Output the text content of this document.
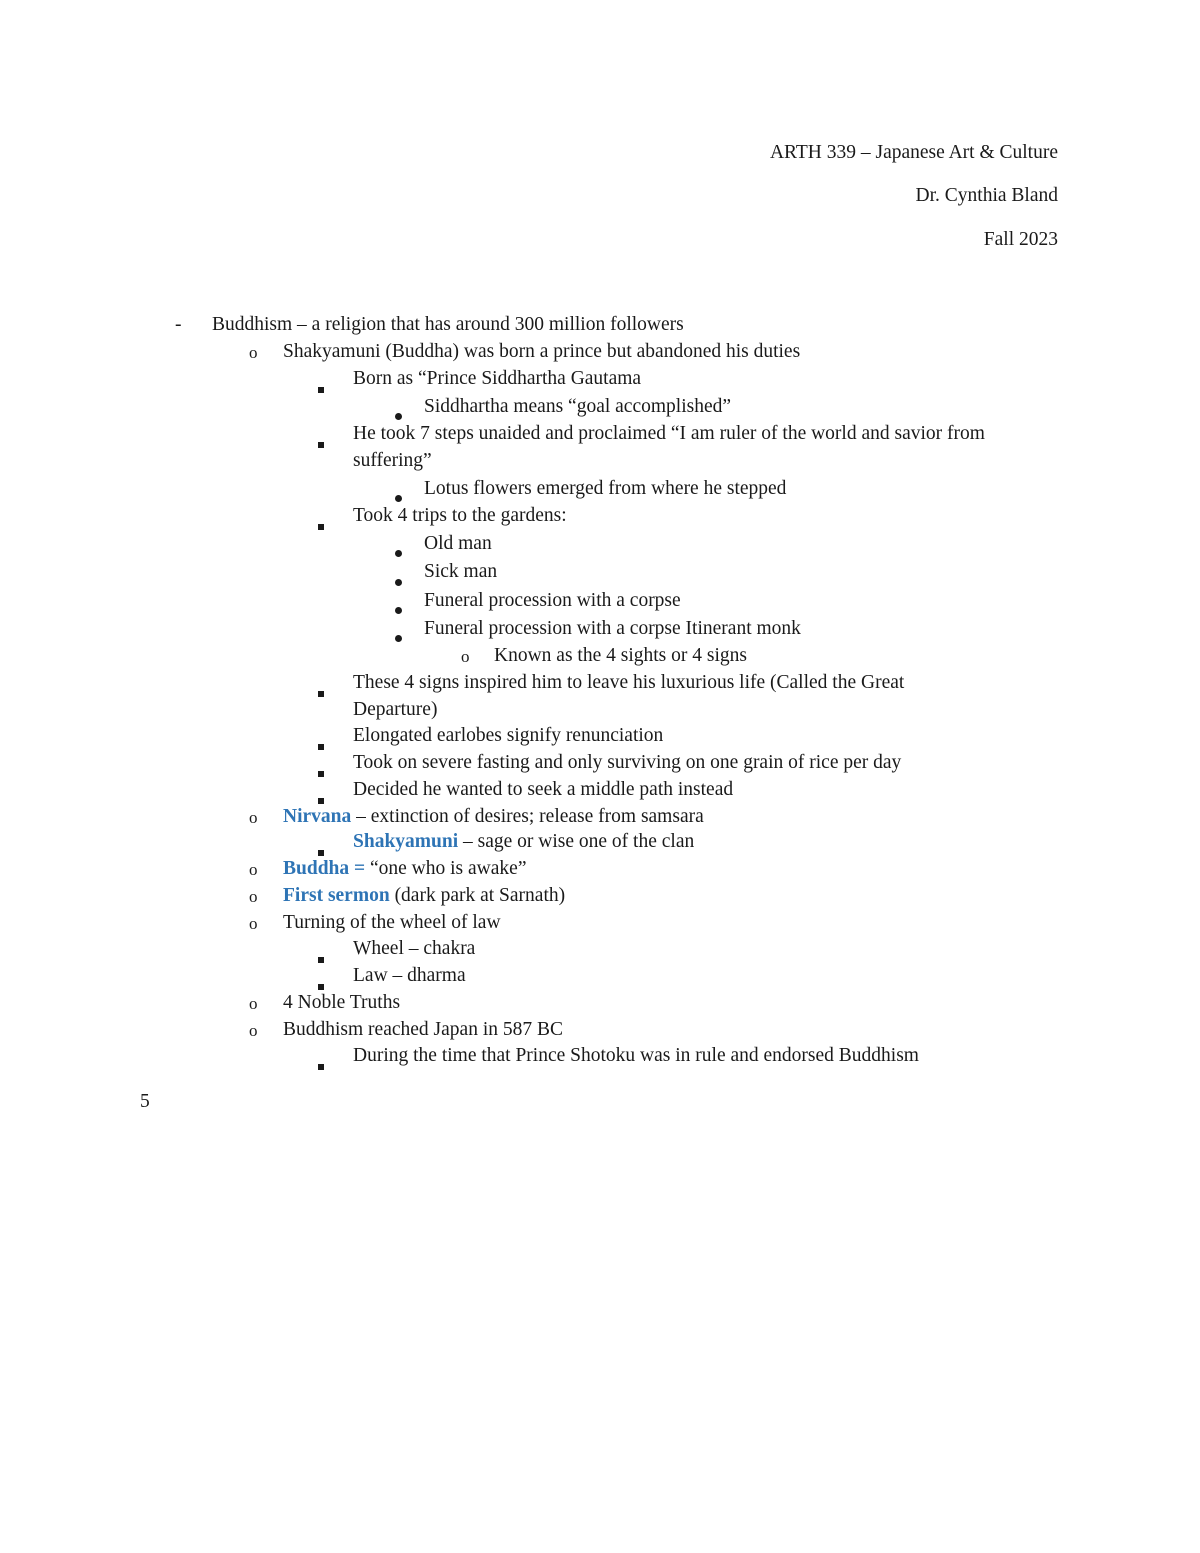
ARTH 339 – Japanese Art & Culture
Dr. Cynthia Bland
Fall 2023
- Buddhism – a religion that has around 300 million followers
o Shakyamuni (Buddha) was born a prince but abandoned his duties
Born as “Prince Siddhartha Gautama
Siddhartha means “goal accomplished”
He took 7 steps unaided and proclaimed “I am ruler of the world and savior from
suffering”
Lotus flowers emerged from where he stepped
Took 4 trips to the gardens:
Old man
Sick man
Funeral procession with a corpse
Funeral procession with a corpse Itinerant monk
o Known as the 4 sights or 4 signs
These 4 signs inspired him to leave his luxurious life (Called the Great
Departure)
Elongated earlobes signify renunciation
Took on severe fasting and only surviving on one grain of rice per day
Decided he wanted to seek a middle path instead
o Nirvana – extinction of desires; release from samsara
Shakyamuni – sage or wise one of the clan
o Buddha = “one who is awake”
o First sermon (dark park at Sarnath)
o Turning of the wheel of law
Wheel – chakra
Law – dharma
o 4 Noble Truths
o Buddhism reached Japan in 587 BC
During the time that Prince Shotoku was in rule and endorsed Buddhism
5
